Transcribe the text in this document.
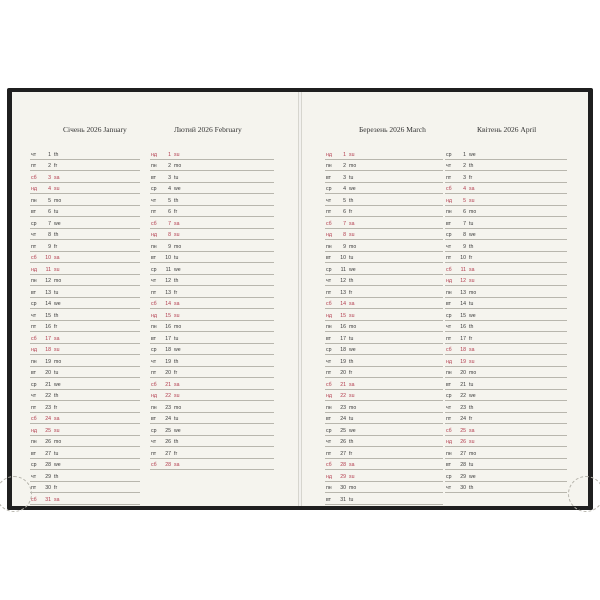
Січень 2026 January	Лютий 2026 February	Березень 2026 March	Квітень 2026 April
чт	1 th
пт	2 fr
сб	3 sa
нд	4 su
пн	5 mo
вт	6 tu
ср	7 we
чт	8 th
пт	9 fr
сб	10 sa
нд	11 su
пн	12 mo
вт	13 tu
ср	14 we
чт	15 th
пт	16 fr
сб	17 sa
нд	18 su
пн	19 mo
вт	20 tu
ср	21 we
чт	22 th
пт	23 fr
сб	24 sa
нд	25 su
пн	26 mo
вт	27 tu
ср	28 we
чт	29 th
пт	30 fr
сб	31 sa
нд	1 su
пн	2 mo
вт	3 tu
ср	4 we
чт	5 th
пт	6 fr
сб	7 sa
нд	8 su
пн	9 mo
вт	10 tu
ср	11 we
чт	12 th
пт	13 fr
сб	14 sa
нд	15 su
пн	16 mo
вт	17 tu
ср	18 we
чт	19 th
пт	20 fr
сб	21 sa
нд	22 su
пн	23 mo
вт	24 tu
ср	25 we
чт	26 th
пт	27 fr
сб	28 sa
нд	1 su
пн	2 mo
вт	3 tu
ср	4 we
чт	5 th
пт	6 fr
сб	7 sa
нд	8 su
пн	9 mo
вт	10 tu
ср	11 we
чт	12 th
пт	13 fr
сб	14 sa
нд	15 su
пн	16 mo
вт	17 tu
ср	18 we
чт	19 th
пт	20 fr
сб	21 sa
нд	22 su
пн	23 mo
вт	24 tu
ср	25 we
чт	26 th
пт	27 fr
сб	28 sa
нд	29 su
пн	30 mo
вт	31 tu
ср	1 we
чт	2 th
пт	3 fr
сб	4 sa
нд	5 su
пн	6 mo
вт	7 tu
ср	8 we
чт	9 th
пт	10 fr
сб	11 sa
нд	12 su
пн	13 mo
вт	14 tu
ср	15 we
чт	16 th
пт	17 fr
сб	18 sa
нд	19 su
пн	20 mo
вт	21 tu
ср	22 we
чт	23 th
пт	24 fr
сб	25 sa
нд	26 su
пн	27 mo
вт	28 tu
ср	29 we
чт	30 th
